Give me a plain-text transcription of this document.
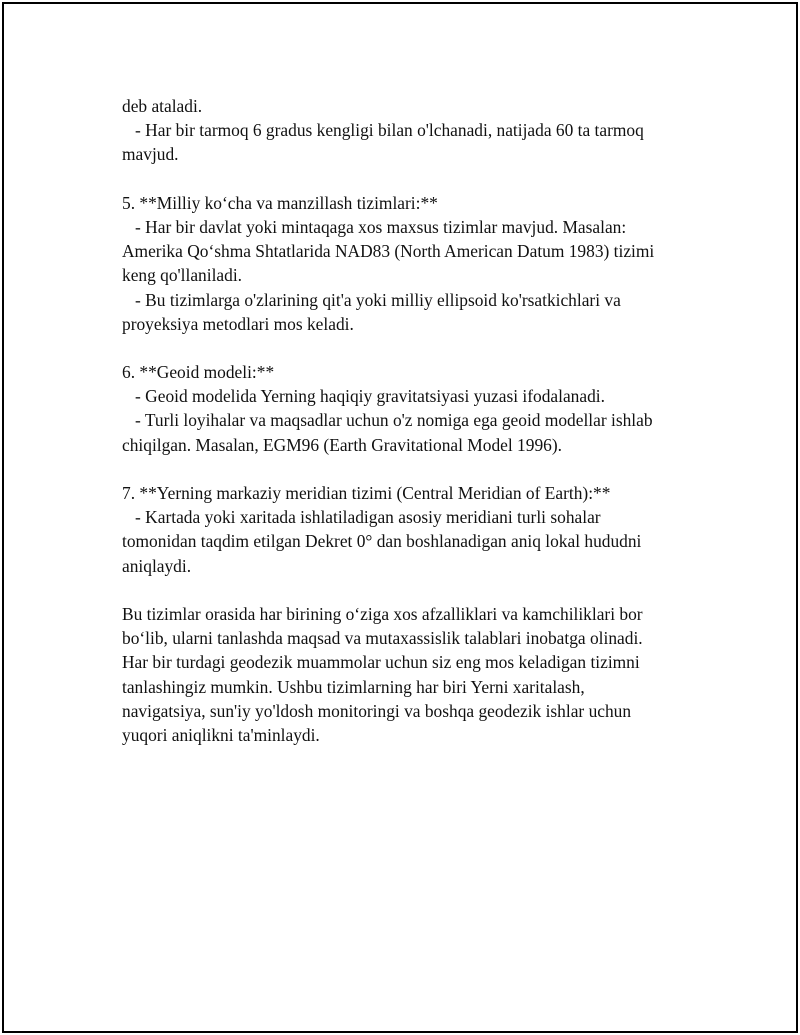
deb ataladi.
- Har bir tarmoq 6 gradus kengligi bilan o'lchanadi, natijada 60 ta tarmoq
mavjud.
5. **Milliy ko‘cha va manzillash tizimlari:**
- Har bir davlat yoki mintaqaga xos maxsus tizimlar mavjud. Masalan:
Amerika Qo‘shma Shtatlarida NAD83 (North American Datum 1983) tizimi
keng qo'llaniladi.
- Bu tizimlarga o'zlarining qit'a yoki milliy ellipsoid ko'rsatkichlari va
proyeksiya metodlari mos keladi.
6. **Geoid modeli:**
- Geoid modelida Yerning haqiqiy gravitatsiyasi yuzasi ifodalanadi.
- Turli loyihalar va maqsadlar uchun o'z nomiga ega geoid modellar ishlab
chiqilgan. Masalan, EGM96 (Earth Gravitational Model 1996).
7. **Yerning markaziy meridian tizimi (Central Meridian of Earth):**
- Kartada yoki xaritada ishlatiladigan asosiy meridiani turli sohalar
tomonidan taqdim etilgan Dekret 0° dan boshlanadigan aniq lokal hududni
aniqlaydi.
Bu tizimlar orasida har birining o‘ziga xos afzalliklari va kamchiliklari bor
bo‘lib, ularni tanlashda maqsad va mutaxassislik talablari inobatga olinadi.
Har bir turdagi geodezik muammolar uchun siz eng mos keladigan tizimni
tanlashingiz mumkin. Ushbu tizimlarning har biri Yerni xaritalash,
navigatsiya, sun'iy yo'ldosh monitoringi va boshqa geodezik ishlar uchun
yuqori aniqlikni ta'minlaydi.
